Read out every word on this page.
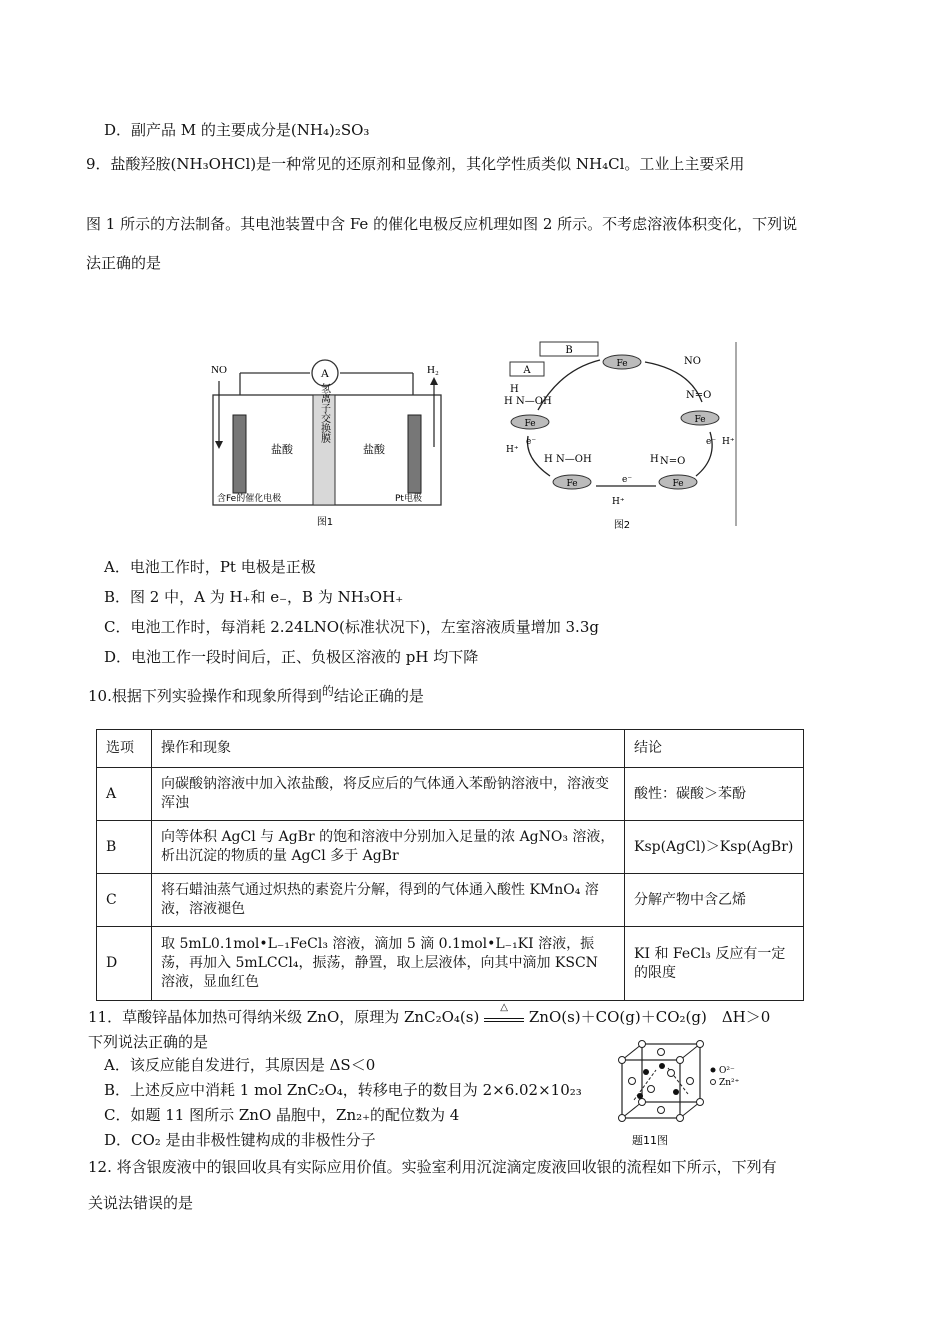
D．副产品 M 的主要成分是(NH₄)₂SO₃
9．盐酸羟胺(NH₃OHCl)是一种常见的还原剂和显像剂，其化学性质类似 NH₄Cl。工业上主要采用
图 1 所示的方法制备。其电池装置中含 Fe 的催化电极反应机理如图 2 所示。不考虑溶液体积变化，下列说
法正确的是
A
氢离子交换膜
NO	H₂
盐酸	盐酸
含Fe的催化电极	Pt电极
图1
B
A
Fe
Fe
Fe
Fe
Fe
N=O
H N=O
H N—OH
H
H N—OH
NO
e⁻ H⁺
e⁻
H⁺
H⁺
e⁻
图2
A．电池工作时，Pt 电极是正极
B．图 2 中，A 为 H₊和 e₋，B 为 NH₃OH₊
C．电池工作时，每消耗 2.24LNO(标准状况下)，左室溶液质量增加 3.3g
D．电池工作一段时间后，正、负极区溶液的 pH 均下降
10.根据下列实验操作和现象所得到$^的$结论正确的是
选项	操作和现象	结论
A	向碳酸钠溶液中加入浓盐酸，将反应后的气体通入苯酚钠溶液中，溶液变浑浊	酸性：碳酸＞苯酚
B	向等体积 AgCl 与 AgBr 的饱和溶液中分别加入足量的浓 AgNO₃ 溶液，析出沉淀的物质的量 AgCl 多于 AgBr	Ksp(AgCl)＞Ksp(AgBr)
C	将石蜡油蒸气通过炽热的素瓷片分解，得到的气体通入酸性 KMnO₄ 溶液，溶液褪色	分解产物中含乙烯
D	取 5mL0.1mol•L₋₁FeCl₃ 溶液，滴加 5 滴 0.1mol•L₋₁KI 溶液，振荡，再加入 5mLCCl₄，振荡，静置，取上层液体，向其中滴加 KSCN 溶液，显血红色	KI 和 FeCl₃ 反应有一定的限度
11．草酸锌晶体加热可得纳米级 ZnO，原理为 ZnC₂O₄(s)
△
ZnO(s)＋CO(g)＋CO₂(g)　ΔH＞0
下列说法正确的是
A．该反应能自发进行，其原因是 ΔS＜0
B．上述反应中消耗 1 mol ZnC₂O₄，转移电子的数目为 2×6.02×10₂₃
C．如题 11 图所示 ZnO 晶胞中，Zn₂₊的配位数为 4
D．CO₂ 是由非极性键构成的非极性分子
O²⁻
Zn²⁺
题11图
12. 将含银废液中的银回收具有实际应用价值。实验室利用沉淀滴定废液回收银的流程如下所示，下列有
关说法错误的是
